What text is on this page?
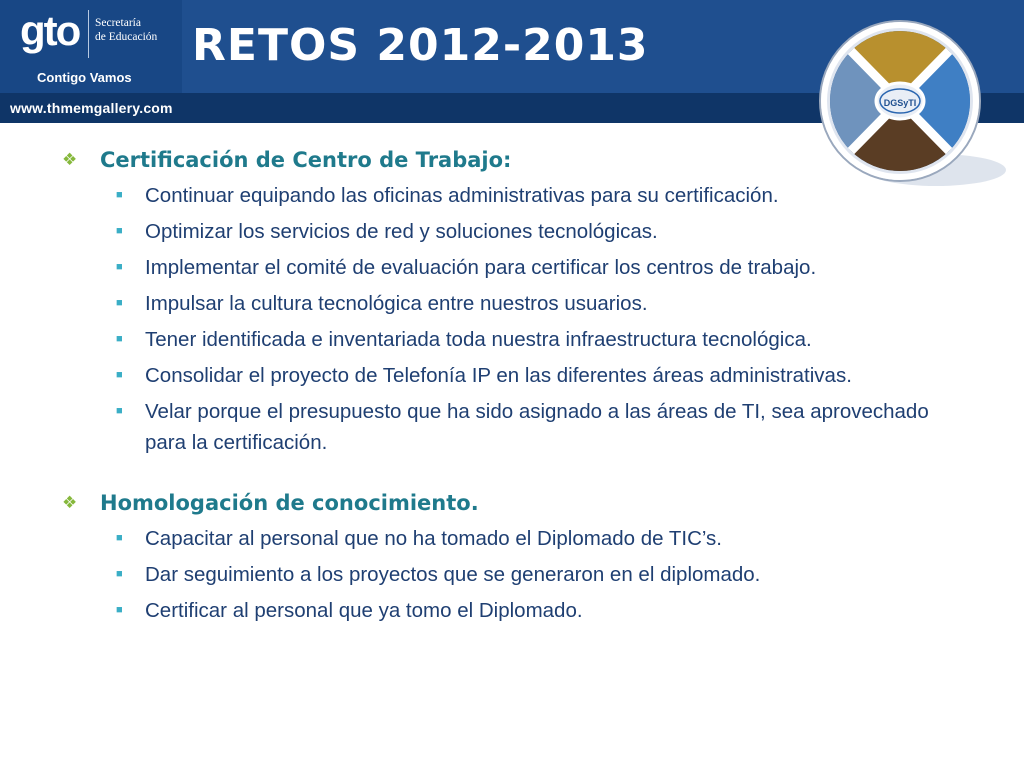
www.thmemgallery.com
gto Secretaría
de Educación
Contigo Vamos
RETOS 2012-2013
DGSyTI
❖	Certificación de Centro de Trabajo:
■	Continuar equipando las oficinas administrativas para su certificación.
■	Optimizar los servicios de red y soluciones tecnológicas.
■	Implementar el comité de evaluación para certificar los centros de trabajo.
■	Impulsar la cultura tecnológica entre nuestros usuarios.
■	Tener identificada e inventariada toda nuestra infraestructura tecnológica.
■	Consolidar el proyecto de Telefonía IP en las diferentes áreas administrativas.
■	Velar porque el presupuesto que ha sido asignado a las áreas de TI, sea aprovechado para la certificación.
❖	Homologación de conocimiento.
■	Capacitar al personal que no ha tomado el Diplomado de TIC’s.
■	Dar seguimiento a los proyectos que se generaron en el diplomado.
■	Certificar al personal que ya tomo el Diplomado.
